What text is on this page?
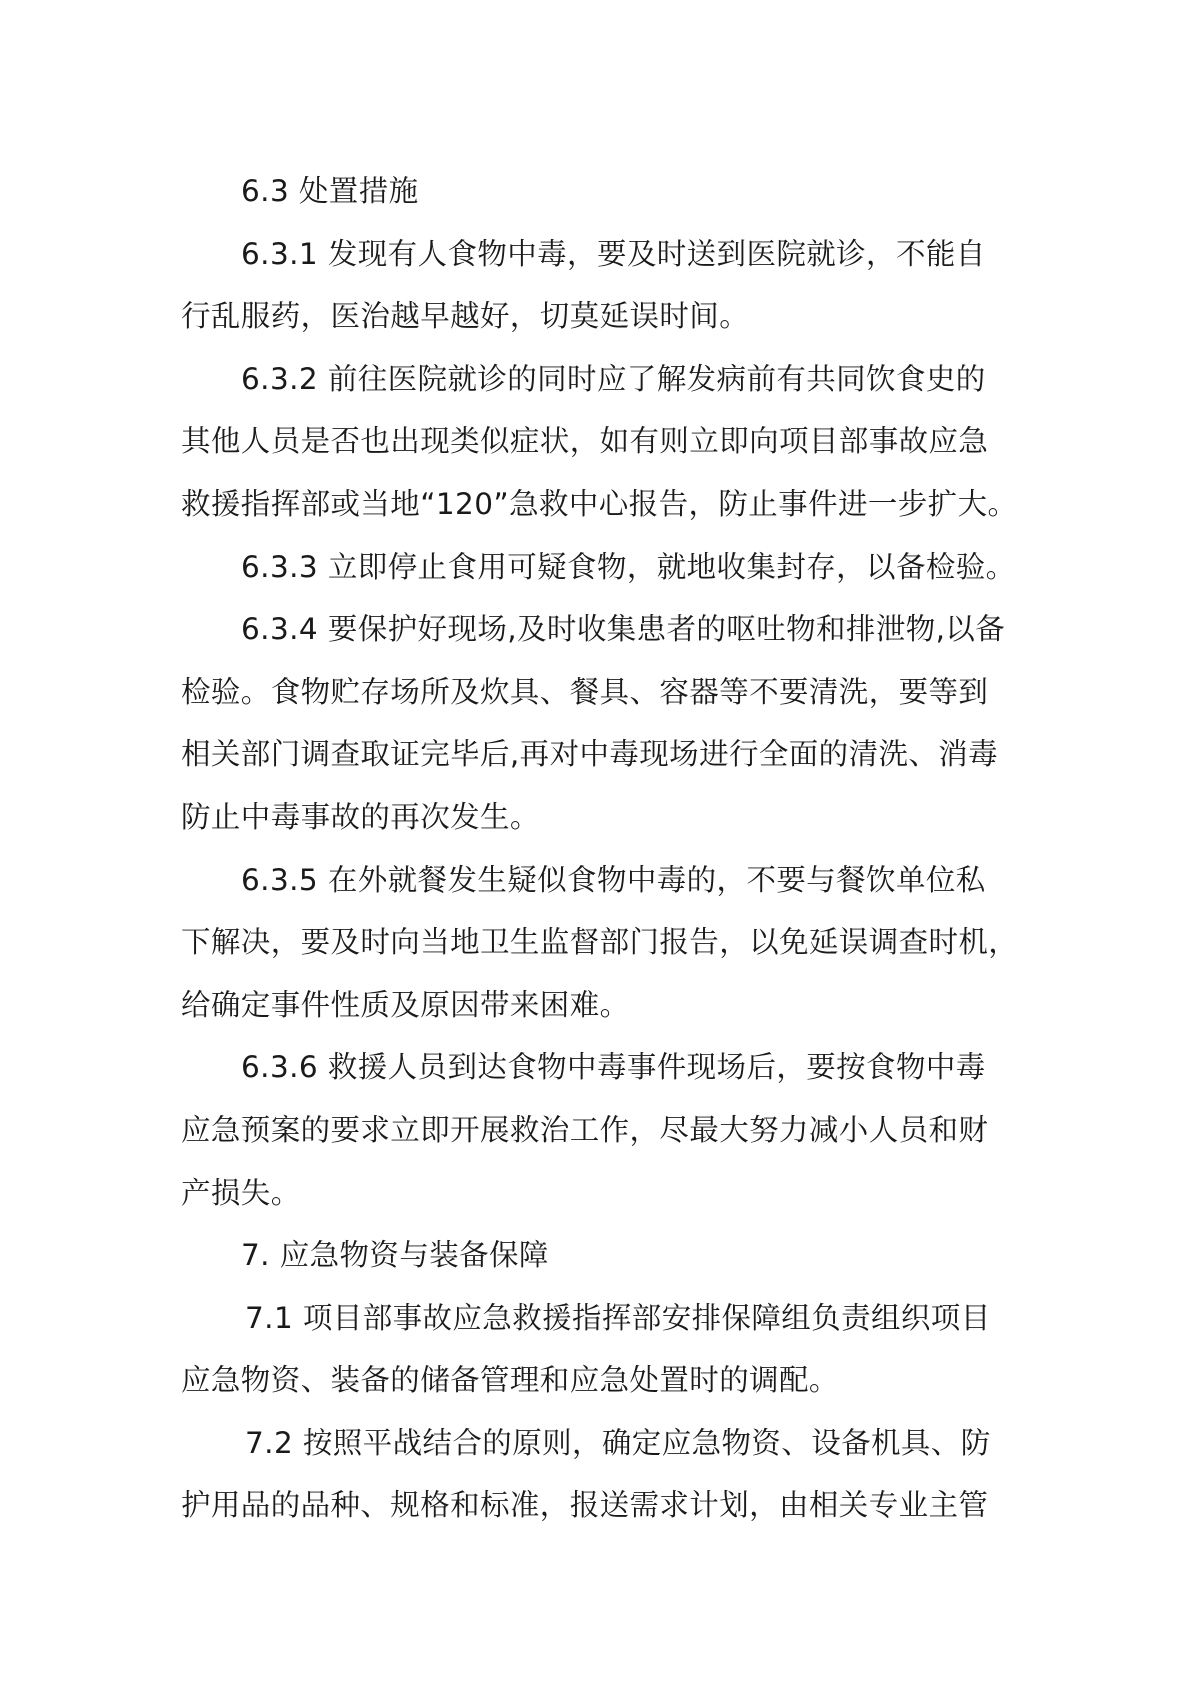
6.3 处置措施
6.3.1 发现有人食物中毒，要及时送到医院就诊，不能自
行乱服药，医治越早越好，切莫延误时间。
6.3.2 前往医院就诊的同时应了解发病前有共同饮食史的
其他人员是否也出现类似症状，如有则立即向项目部事故应急
救援指挥部或当地“120”急救中心报告，防止事件进一步扩大。
6.3.3 立即停止食用可疑食物，就地收集封存，以备检验。
6.3.4 要保护好现场,及时收集患者的呕吐物和排泄物,以备
检验。食物贮存场所及炊具、餐具、容器等不要清洗，要等到
相关部门调查取证完毕后,再对中毒现场进行全面的清洗、消毒
防止中毒事故的再次发生。
6.3.5 在外就餐发生疑似食物中毒的，不要与餐饮单位私
下解决，要及时向当地卫生监督部门报告，以免延误调查时机，
给确定事件性质及原因带来困难。
6.3.6 救援人员到达食物中毒事件现场后，要按食物中毒
应急预案的要求立即开展救治工作，尽最大努力减小人员和财
产损失。
7. 应急物资与装备保障
7.1 项目部事故应急救援指挥部安排保障组负责组织项目
应急物资、装备的储备管理和应急处置时的调配。
7.2 按照平战结合的原则，确定应急物资、设备机具、防
护用品的品种、规格和标准，报送需求计划，由相关专业主管
